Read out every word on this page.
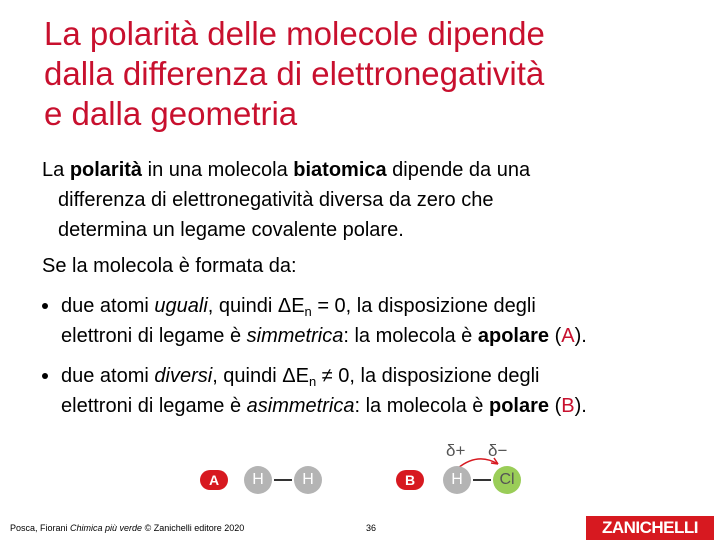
La polarità delle molecole dipende
dalla differenza di elettronegatività
e dalla geometria
La polarità in una molecola biatomica dipende da una
differenza di elettronegatività diversa da zero che
determina un legame covalente polare.
Se la molecola è formata da:
due atomi uguali, quindi $\Delta E_n = 0$, la disposizione degli
elettroni di legame è simmetrica: la molecola è apolare (A).
due atomi diversi, quindi $\Delta E_n \ne 0$, la disposizione degli
elettroni di legame è asimmetrica: la molecola è polare (B).
A	H	H	B
δ+ δ−
H	Cl
Posca, Fiorani Chimica più verde © Zanichelli editore 2020	36	ZANICHELLI
